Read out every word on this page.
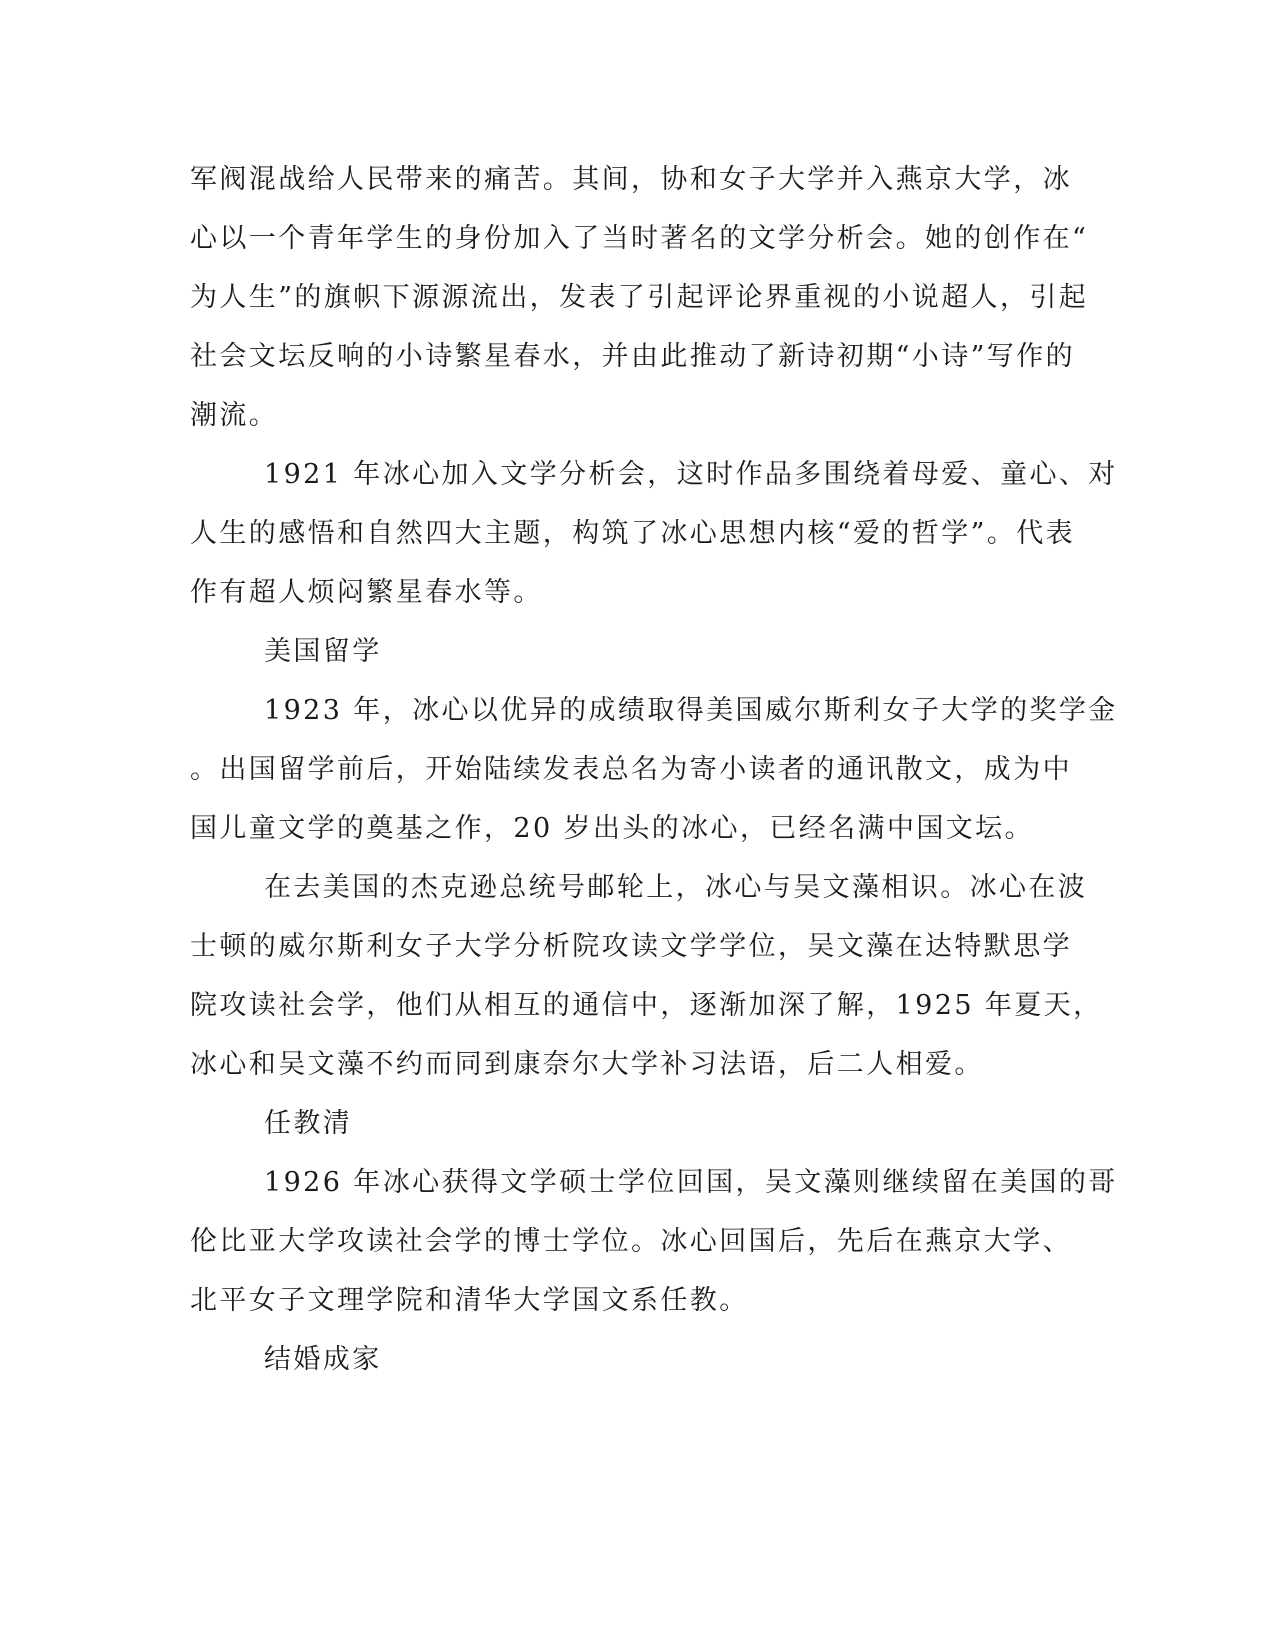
军阀混战给人民带来的痛苦。其间，协和女子大学并入燕京大学，冰
心以一个青年学生的身份加入了当时著名的文学分析会。她的创作在“
为人生”的旗帜下源源流出，发表了引起评论界重视的小说超人，引起
社会文坛反响的小诗繁星春水，并由此推动了新诗初期“小诗”写作的
潮流。
1921 年冰心加入文学分析会，这时作品多围绕着母爱、童心、对
人生的感悟和自然四大主题，构筑了冰心思想内核“爱的哲学”。代表
作有超人烦闷繁星春水等。
美国留学
1923 年，冰心以优异的成绩取得美国威尔斯利女子大学的奖学金
。出国留学前后，开始陆续发表总名为寄小读者的通讯散文，成为中
国儿童文学的奠基之作，20 岁出头的冰心，已经名满中国文坛。
在去美国的杰克逊总统号邮轮上，冰心与吴文藻相识。冰心在波
士顿的威尔斯利女子大学分析院攻读文学学位，吴文藻在达特默思学
院攻读社会学，他们从相互的通信中，逐渐加深了解，1925 年夏天，
冰心和吴文藻不约而同到康奈尔大学补习法语，后二人相爱。
任教清
1926 年冰心获得文学硕士学位回国，吴文藻则继续留在美国的哥
伦比亚大学攻读社会学的博士学位。冰心回国后，先后在燕京大学、
北平女子文理学院和清华大学国文系任教。
结婚成家
